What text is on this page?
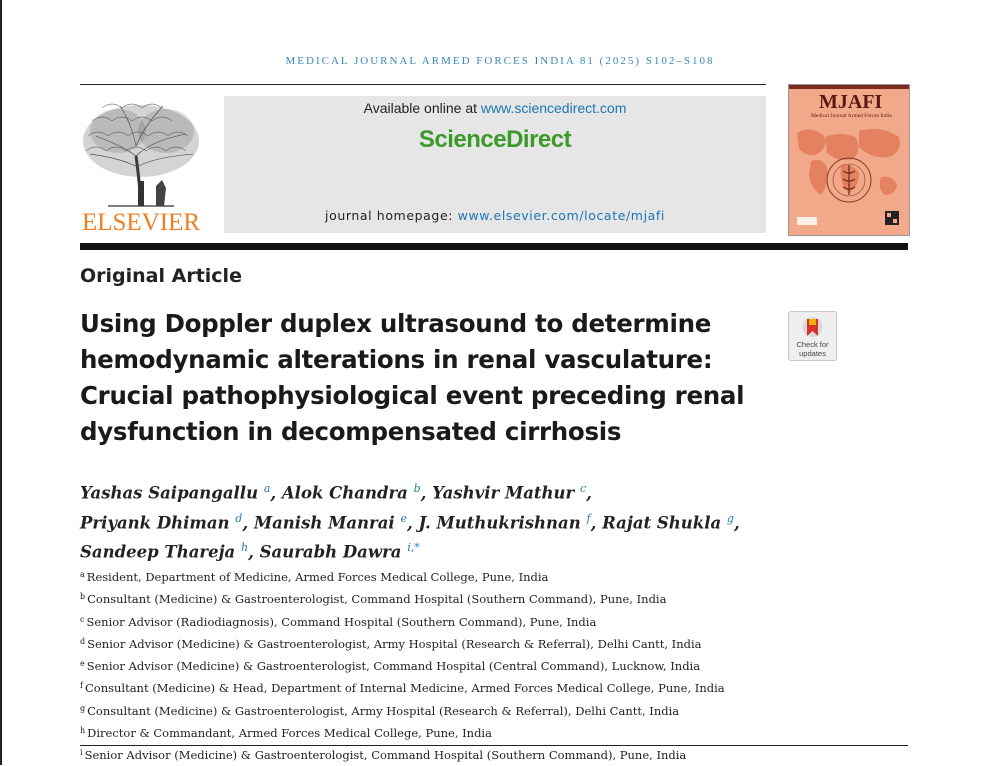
MEDICAL JOURNAL ARMED FORCES INDIA 81 (2025) S102–S108
ELSEVIER
Available online at www.sciencedirect.com
ScienceDirect
journal homepage: www.elsevier.com/locate/mjafi
MJAFI
Medical Journal Armed Forces India
Original Article
Using Doppler duplex ultrasound to determine
hemodynamic alterations in renal vasculature:
Crucial pathophysiological event preceding renal
dysfunction in decompensated cirrhosis
Check for
updates
Yashas Saipangallu $^a$, Alok Chandra $^b$, Yashvir Mathur $^c$,
Priyank Dhiman $^d$, Manish Manrai $^e$, J. Muthukrishnan $^f$, Rajat Shukla $^g$,
Sandeep Thareja $^h$, Saurabh Dawra $^{i,*}$
$^a$ Resident, Department of Medicine, Armed Forces Medical College, Pune, India
$^b$ Consultant (Medicine) & Gastroenterologist, Command Hospital (Southern Command), Pune, India
$^c$ Senior Advisor (Radiodiagnosis), Command Hospital (Southern Command), Pune, India
$^d$ Senior Advisor (Medicine) & Gastroenterologist, Army Hospital (Research & Referral), Delhi Cantt, India
$^e$ Senior Advisor (Medicine) & Gastroenterologist, Command Hospital (Central Command), Lucknow, India
$^f$ Consultant (Medicine) & Head, Department of Internal Medicine, Armed Forces Medical College, Pune, India
$^g$ Consultant (Medicine) & Gastroenterologist, Army Hospital (Research & Referral), Delhi Cantt, India
$^h$ Director & Commandant, Armed Forces Medical College, Pune, India
$^i$ Senior Advisor (Medicine) & Gastroenterologist, Command Hospital (Southern Command), Pune, India
